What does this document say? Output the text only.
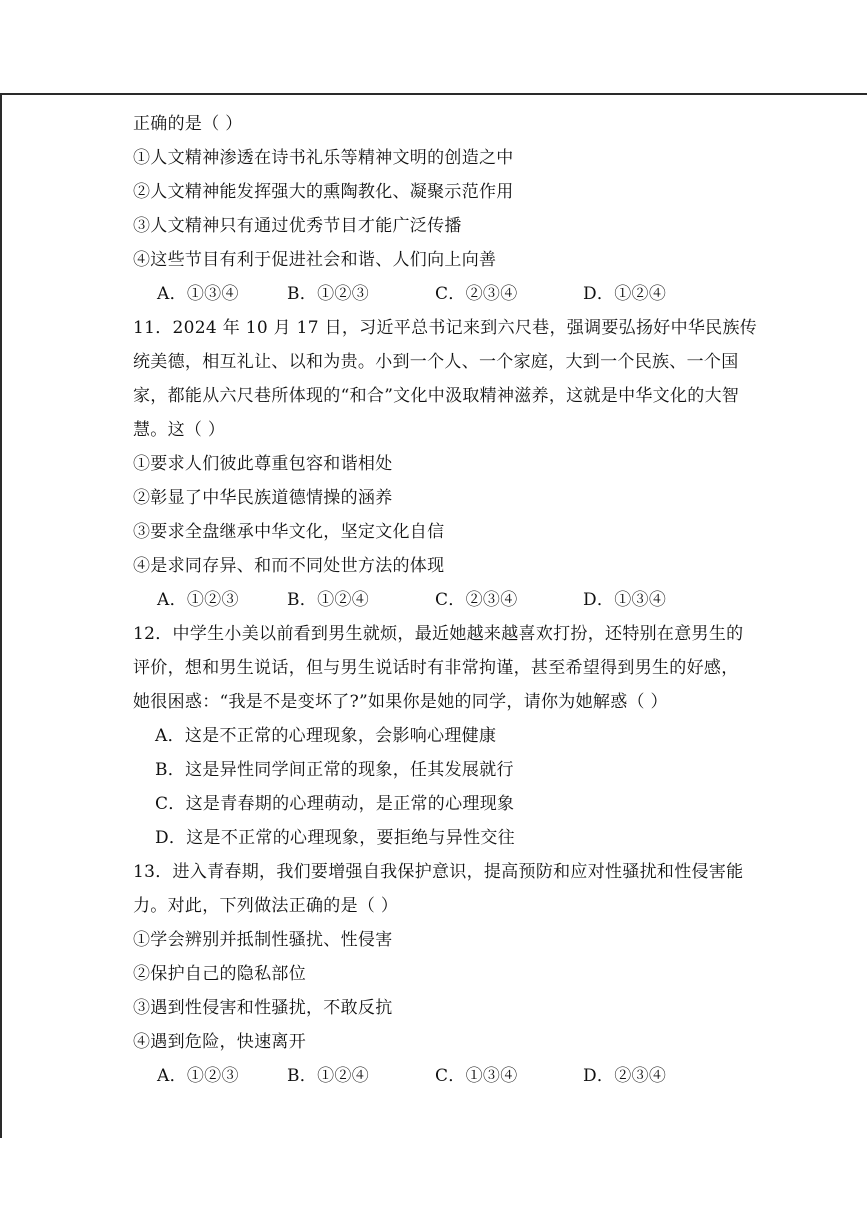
正确的是（ ）
①人文精神渗透在诗书礼乐等精神文明的创造之中
②人文精神能发挥强大的熏陶教化、凝聚示范作用
③人文精神只有通过优秀节目才能广泛传播
④这些节目有利于促进社会和谐、人们向上向善
A．①③④	B．①②③	C．②③④	D．①②④
11．2024 年 10 月 17 日，习近平总书记来到六尺巷，强调要弘扬好中华民族传
统美德，相互礼让、以和为贵。小到一个人、一个家庭，大到一个民族、一个国
家，都能从六尺巷所体现的“和合”文化中汲取精神滋养，这就是中华文化的大智
慧。这（ ）
①要求人们彼此尊重包容和谐相处
②彰显了中华民族道德情操的涵养
③要求全盘继承中华文化，坚定文化自信
④是求同存异、和而不同处世方法的体现
A．①②③	B．①②④	C．②③④	D．①③④
12．中学生小美以前看到男生就烦，最近她越来越喜欢打扮，还特别在意男生的
评价，想和男生说话，但与男生说话时有非常拘谨，甚至希望得到男生的好感，
她很困惑：“我是不是变坏了?”如果你是她的同学，请你为她解惑（ ）
A．这是不正常的心理现象，会影响心理健康
B．这是异性同学间正常的现象，任其发展就行
C．这是青春期的心理萌动，是正常的心理现象
D．这是不正常的心理现象，要拒绝与异性交往
13．进入青春期，我们要增强自我保护意识，提高预防和应对性骚扰和性侵害能
力。对此，下列做法正确的是（ ）
①学会辨别并抵制性骚扰、性侵害
②保护自己的隐私部位
③遇到性侵害和性骚扰，不敢反抗
④遇到危险，快速离开
A．①②③	B．①②④	C．①③④	D．②③④
